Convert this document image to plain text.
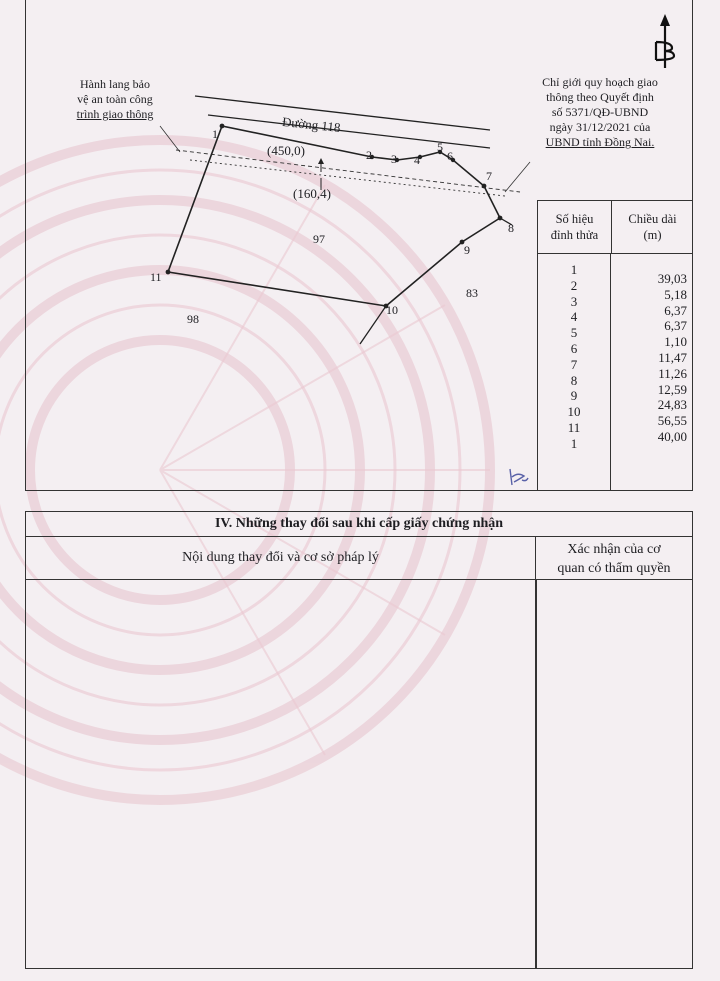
Đường 118
(450,0)
(160,4)
97
98
83
1
2 3 4
5
6
7
8
9
10
11
Hành lang bảo
vệ an toàn công
trình giao thông
Chỉ giới quy hoạch giao
thông theo Quyết định
số 5371/QĐ-UBND
ngày 31/12/2021 của
UBND tỉnh Đồng Nai.
Số hiệu
đỉnh thửa
Chiều dài
(m)
1
2
3
4
5
6
7
8
9
10
11
1
39,03
5,18
6,37
6,37
1,10
11,47
11,26
12,59
24,83
56,55
40,00
IV. Những thay đổi sau khi cấp giấy chứng nhận
Nội dung thay đổi và cơ sở pháp lý
Xác nhận của cơ
quan có thẩm quyền
